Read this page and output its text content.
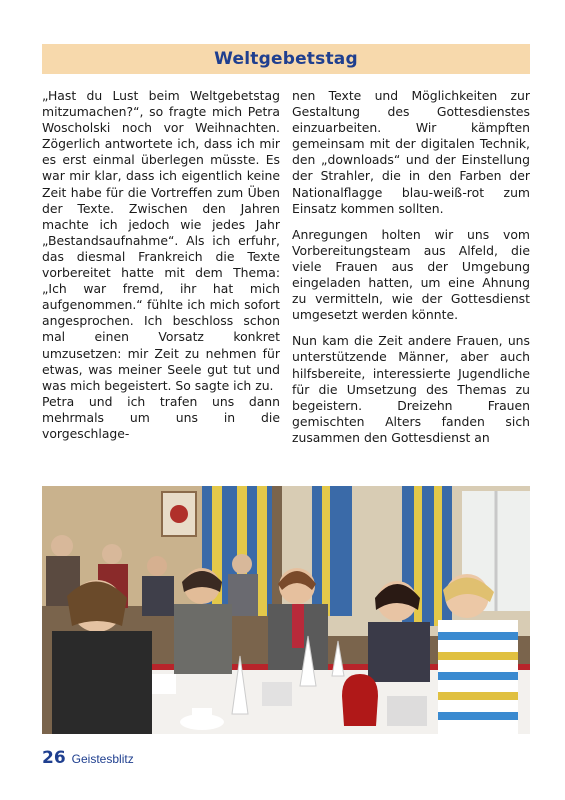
Weltgebetstag

„Hast du Lust beim Weltgebetstag mitzumachen?“, so fragte mich Petra Woscholski noch vor Weihnachten. Zögerlich antwortete ich, dass ich mir es erst einmal überlegen müsste. Es war mir klar, dass ich eigentlich keine Zeit habe für die Vortreffen zum Üben der Texte. Zwischen den Jahren machte ich jedoch wie jedes Jahr „Bestandsaufnahme“. Als ich erfuhr, das diesmal Frankreich die Texte vorbereitet hatte mit dem Thema: „Ich war fremd, ihr hat mich aufgenommen.“ fühlte ich mich sofort angesprochen. Ich beschloss schon mal einen Vorsatz konkret umzusetzen: mir Zeit zu nehmen für etwas, was meiner Seele gut tut und was mich begeistert. So sagte ich zu.

Petra und ich trafen uns dann mehrmals um uns in die vorgeschlage-

nen Texte und Möglichkeiten zur Gestaltung des Gottesdienstes einzuarbeiten. Wir kämpften gemeinsam mit der digitalen Technik, den „downloads“ und der Einstellung der Strahler, die in den Farben der Nationalflagge blau-weiß-rot zum Einsatz kommen sollten.

Anregungen holten wir uns vom Vorbereitungsteam aus Alfeld, die viele Frauen aus der Umgebung eingeladen hatten, um eine Ahnung zu vermitteln, wie der Gottesdienst umgesetzt werden könnte.

Nun kam die Zeit andere Frauen, uns unterstützende Männer, aber auch hilfsbereite, interessierte Jugendliche für die Umsetzung des Themas zu begeistern. Dreizehn Frauen gemischten Alters fanden sich zusammen den Gottesdienst an

26 Geistesblitz
